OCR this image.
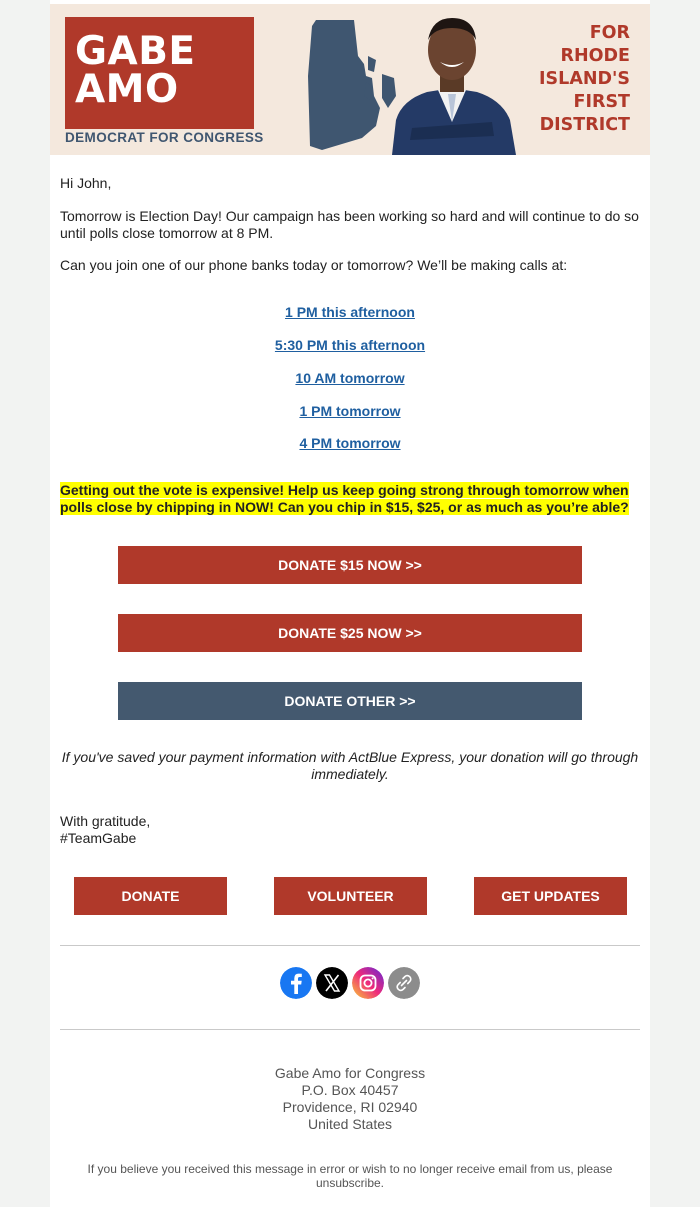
GABE
AMO

DEMOCRAT FOR CONGRESS
FOR
RHODE
ISLAND'S
FIRST
DISTRICT

Hi John,

Tomorrow is Election Day! Our campaign has been working so hard and will continue to do so until polls close tomorrow at 8 PM.

Can you join one of our phone banks today or tomorrow? We’ll be making calls at:

1 PM this afternoon
5:30 PM this afternoon
10 AM tomorrow
1 PM tomorrow
4 PM tomorrow

Getting out the vote is expensive! Help us keep going strong through tomorrow when polls close by chipping in NOW! Can you chip in $15, $25, or as much as you’re able?

DONATE $15 NOW >>
DONATE $25 NOW >>
DONATE OTHER >>
If you've saved your payment information with ActBlue Express, your donation will go through immediately.

With gratitude,

#TeamGabe

DONATE	VOLUNTEER	GET UPDATES
Gabe Amo for Congress
P.O. Box 40457
Providence, RI 02940
United States
If you believe you received this message in error or wish to no longer receive email from us, please unsubscribe.
